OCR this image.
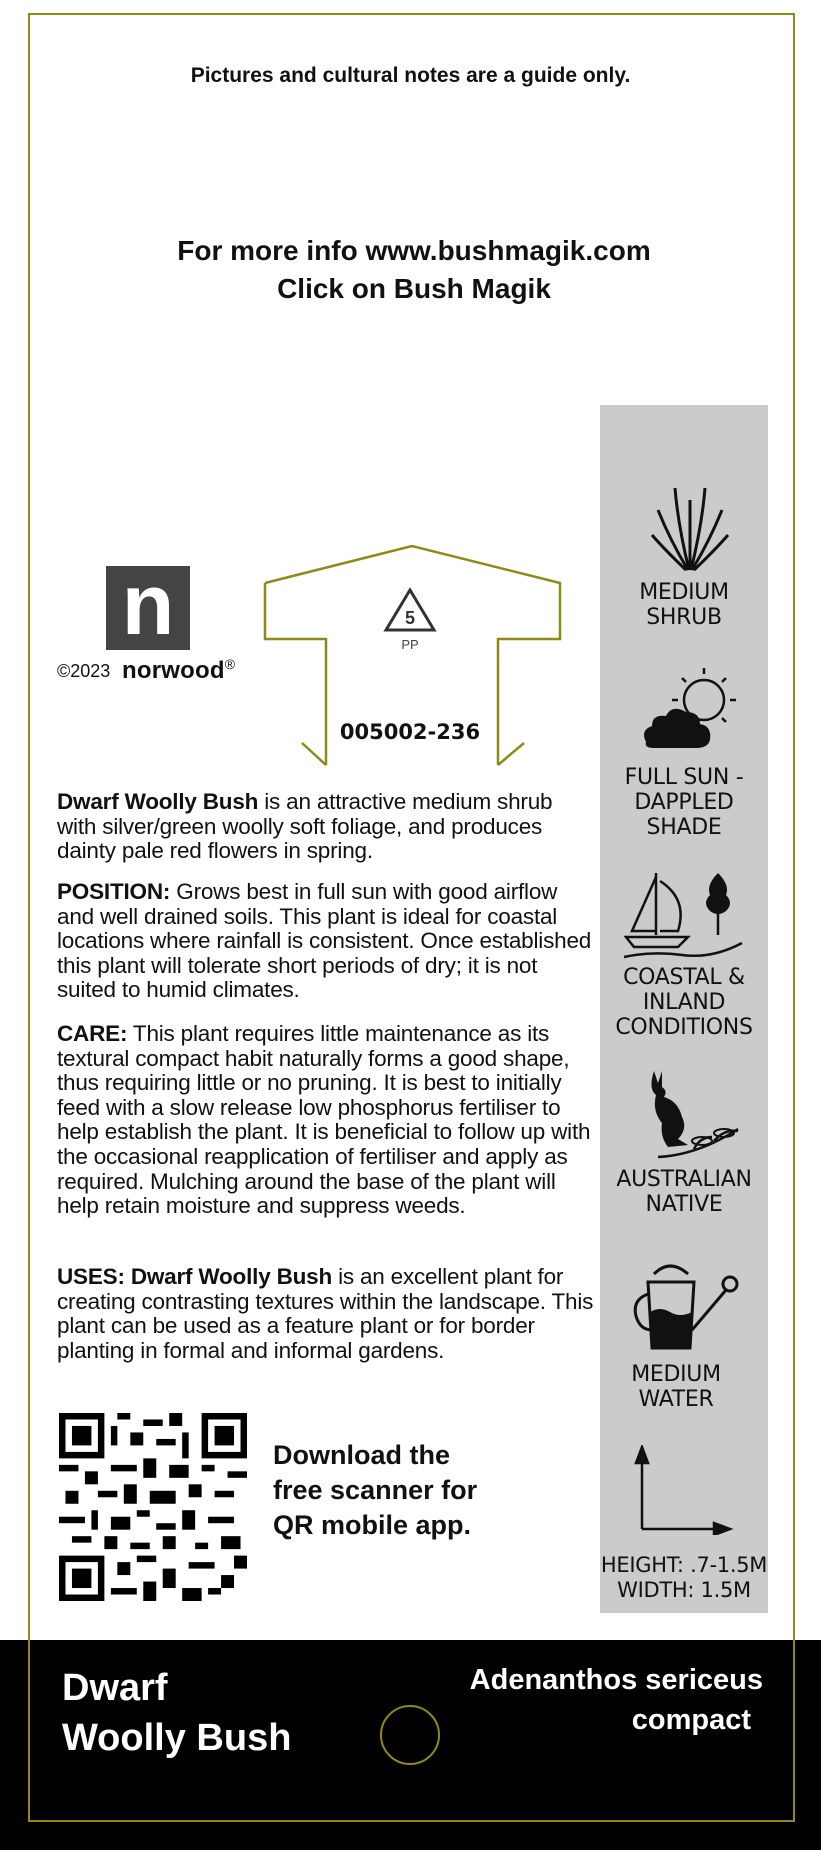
Pictures and cultural notes are a guide only.
For more info www.bushmagik.com
Click on Bush Magik
n
©2023 norwood®
5
PP
005002-236
Dwarf Woolly Bush is an attractive medium shrub with silver/green woolly soft foliage, and produces dainty pale red flowers in spring.
POSITION: Grows best in full sun with good airflow and well drained soils. This plant is ideal for coastal locations where rainfall is consistent. Once established this plant will tolerate short periods of dry; it is not suited to humid climates.
CARE: This plant requires little maintenance as its textural compact habit naturally forms a good shape, thus requiring little or no pruning. It is best to initially feed with a slow release low phosphorus fertiliser to help establish the plant. It is beneficial to follow up with the occasional reapplication of fertiliser and apply as required. Mulching around the base of the plant will help retain moisture and suppress weeds.
USES: Dwarf Woolly Bush is an excellent plant for creating contrasting textures within the landscape. This plant can be used as a feature plant or for border planting in formal and informal gardens.
Download the
free scanner for
QR mobile app.
MEDIUM
SHRUB
FULL SUN -
DAPPLED
SHADE
COASTAL &
INLAND
CONDITIONS
AUSTRALIAN
NATIVE
MEDIUM
WATER
HEIGHT: .7-1.5M
WIDTH: 1.5M
Dwarf
Woolly Bush
Adenanthos sericeus
compact
